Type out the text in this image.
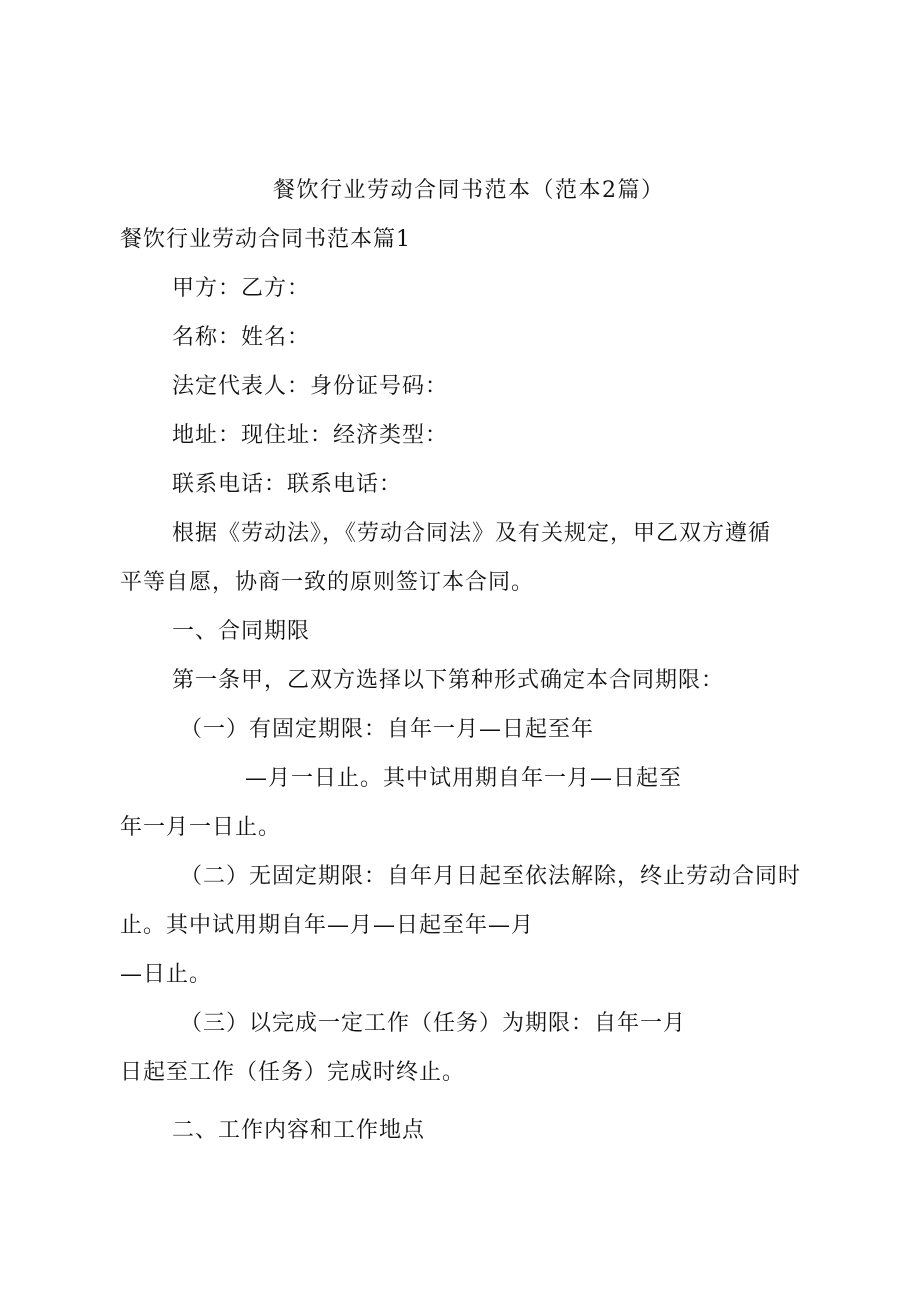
餐饮行业劳动合同书范本（范本2篇）
餐饮行业劳动合同书范本篇1
甲方：乙方：
名称：姓名：
法定代表人：身份证号码：
地址：现住址：经济类型：
联系电话：联系电话：
根据《劳动法》，《劳动合同法》及有关规定，甲乙双方遵循
平等自愿，协商一致的原则签订本合同。
一、合同期限
第一条甲，乙双方选择以下第种形式确定本合同期限：
（一）有固定期限：自年一月—日起至年
—月一日止。其中试用期自年一月—日起至
年一月一日止。
（二）无固定期限：自年月日起至依法解除，终止劳动合同时
止。其中试用期自年—月—日起至年—月
—日止。
（三）以完成一定工作（任务）为期限：自年一月
日起至工作（任务）完成时终止。
二、工作内容和工作地点
